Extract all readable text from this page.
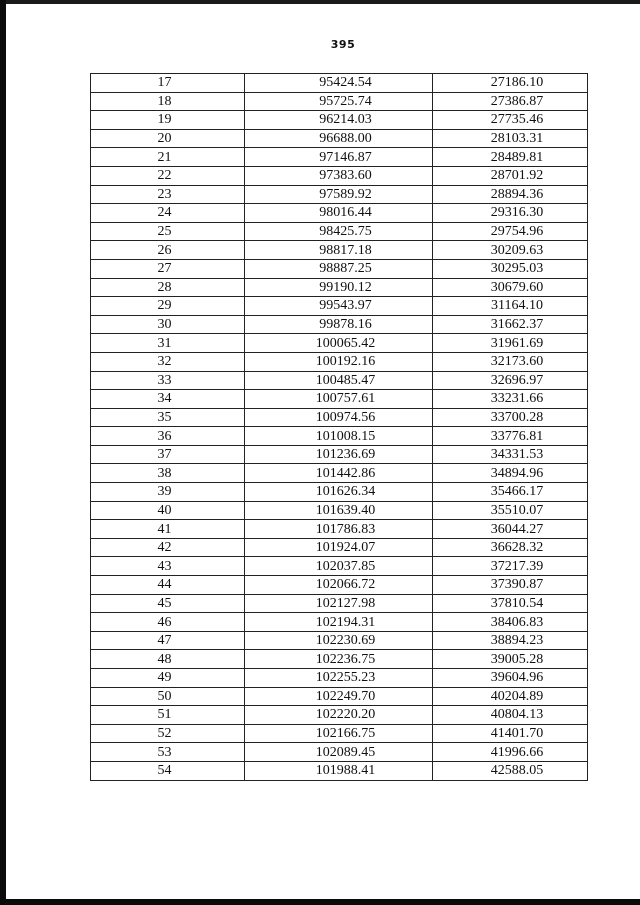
395
17	95424.54	27186.10
18	95725.74	27386.87
19	96214.03	27735.46
20	96688.00	28103.31
21	97146.87	28489.81
22	97383.60	28701.92
23	97589.92	28894.36
24	98016.44	29316.30
25	98425.75	29754.96
26	98817.18	30209.63
27	98887.25	30295.03
28	99190.12	30679.60
29	99543.97	31164.10
30	99878.16	31662.37
31	100065.42	31961.69
32	100192.16	32173.60
33	100485.47	32696.97
34	100757.61	33231.66
35	100974.56	33700.28
36	101008.15	33776.81
37	101236.69	34331.53
38	101442.86	34894.96
39	101626.34	35466.17
40	101639.40	35510.07
41	101786.83	36044.27
42	101924.07	36628.32
43	102037.85	37217.39
44	102066.72	37390.87
45	102127.98	37810.54
46	102194.31	38406.83
47	102230.69	38894.23
48	102236.75	39005.28
49	102255.23	39604.96
50	102249.70	40204.89
51	102220.20	40804.13
52	102166.75	41401.70
53	102089.45	41996.66
54	101988.41	42588.05
